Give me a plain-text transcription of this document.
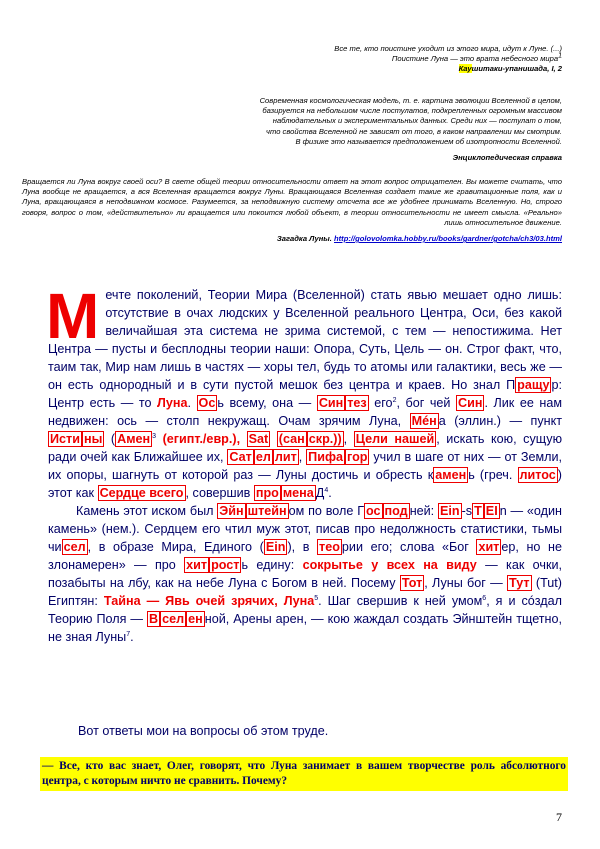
Все те, кто поистине уходит из этого мира, идут к Луне. (...)

Поистине Луна — это врата небесного мира$^1$

Каушитаки-упанишада, I, 2

Современная космологическая модель, т. е. картина эволюции Вселенной в целом,

базируется на небольшом числе постулатов, подкрепленных огромным массивом

наблюдательных и экспериментальных данных. Среди них — постулат о том,

что свойства Вселенной не зависят от того, в каком направлении мы смотрим.

В физике это называется предположением об изотропности Вселенной.

Энциклопедическая справка

Вращается ли Луна вокруг своей оси? В свете общей теории относительности ответ на этот вопрос отрицателен. Вы можете считать, что Луна вообще не вращается, а вся Вселенная вращается вокруг Луны. Вращающаяся Вселенная создает такие же гравитационные поля, как и Луна, вращающаяся в неподвижном космосе. Разумеется, за неподвижную систему отсчета все же удобнее принимать Вселенную. Но, строго говоря, вопрос о том, «действительно» ли вращается или покоится любой объект, в теории относительности не имеет смысла. «Реально» лишь относительное движение.

Загадка Луны. http://golovolomka.hobby.ru/books/gardner/gotcha/ch3/03.html

Мечте поколений, Теории Мира (Вселенной) стать явью мешает одно лишь: отсутствие в очах людских у Вселенной реального Центра, Оси, без какой величайшая эта система не зрима системой, с тем — непостижима. Нет Центра — пусты и бесплодны теории наши: Опора, Суть, Цель — он. Строг факт, что, таим так, Мир нам лишь в частях — хоры тел, будь то атомы или галактики, весь же — он есть однородный и в сути пустой мешок без центра и краев. Но знал П ращу р: Центр есть — то Луна. Ос ь всему, она — Син тез его$^2$, бог чей Син . Лик ее нам недвижен: ось — столп некружащ. Очам зрячим Луна, Мéн а (эллин.) — пункт Исти ны ( Амен $^3$ (египт./евр.), Sat (сан скр.)) , Цели нашей , искать кою, сущую ради очей как Ближайшее их, Сат ел лит , Пифа гор учил в шаге от них — от Земли, их опоры, шагнуть от которой раз — Луны достичь и обресть к амен ь (греч. литос ) этот как Сердце всего , совершив про мена $Д^4$.

Камень этот иском был Эйн штейн ом по воле Г ос под ней: Ein -s T EI n — «один камень» (нем.). Сердцем его чтил муж этот, писав про недолжность статистики, тьмы чи сел , в образе Мира, Единого ( Ein ), в тео рии его; слова «Бог хит ер, но не злонамерен» — про хит рост ь едину: сокрытье у всех на виду — как очки, позабыты на лбу, как на небе Луна с Богом в ней. Посему Тот , Луны бог — Тут (Tut) Египтян: Тайна — Явь очей зрячих, Луна$^5$. Шаг свершив к ней умом$^6$, я и сóздал Теорию Поля — В сел ен ной, Арены арен, — кою жаждал создать Эйнштейн тщетно, не зная Луны$^7$.

Вот ответы мои на вопросы об этом труде.
— Все, кто вас знает, Олег, говорят, что Луна занимает в вашем творчестве роль абсолютного центра, с которым ничто не сравнить. Почему?
7
